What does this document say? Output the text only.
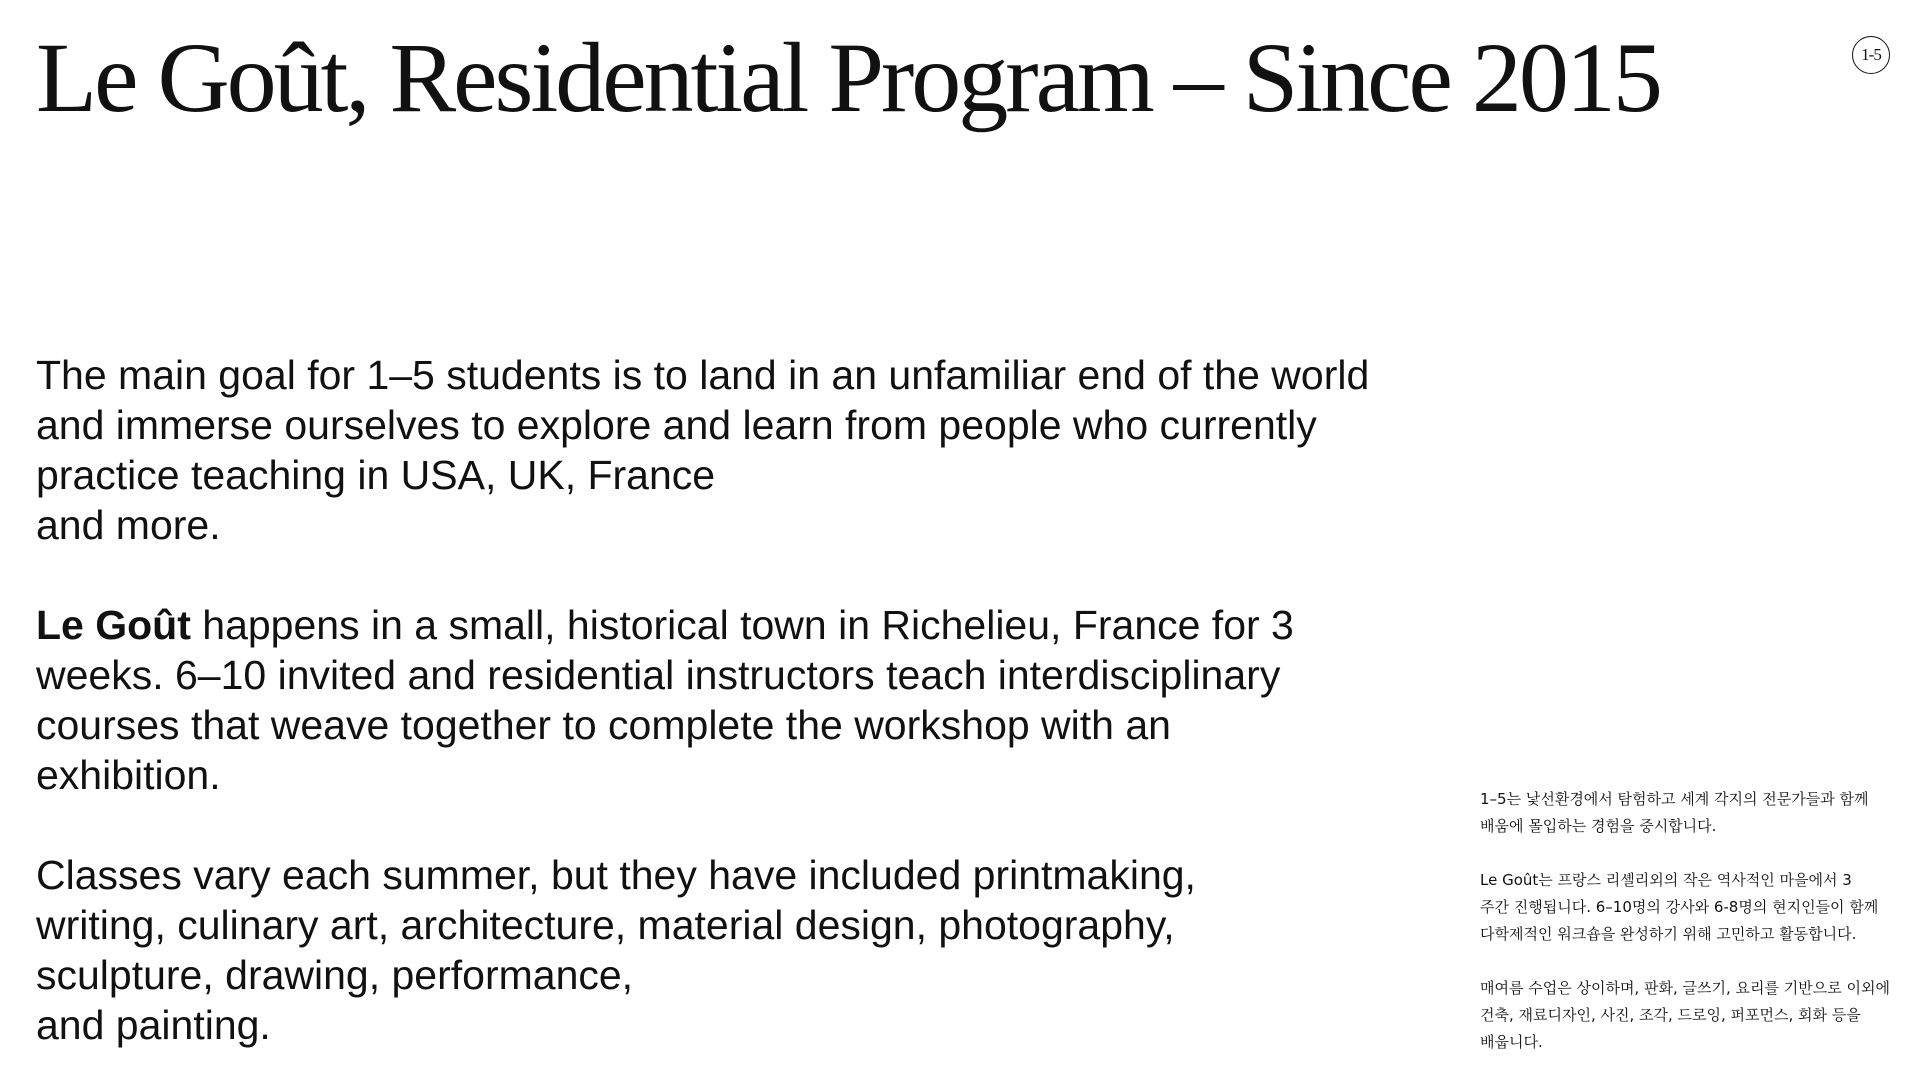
Le Goût, Residential Program – Since 2015	1-5

The main goal for 1–5 students is to land in an unfamiliar end of the world
and immerse ourselves to explore and learn from people who currently
practice teaching in USA, UK, France
and more.

Le Goût happens in a small, historical town in Richelieu, France for 3
weeks. 6–10 invited and residential instructors teach interdisciplinary
courses that weave together to complete the workshop with an
exhibition.

Classes vary each summer, but they have included printmaking,
writing, culinary art, architecture, material design, photography,
sculpture, drawing, performance,
and painting.

1–5는 낯선환경에서 탐험하고 세계 각지의 전문가들과 함께
배움에 몰입하는 경험을 중시합니다.

Le Goût는 프랑스 리셸리외의 작은 역사적인 마을에서 3
주간 진행됩니다. 6–10명의 강사와 6-8명의 현지인들이 함께
다학제적인 워크숍을 완성하기 위해 고민하고 활동합니다.

매여름 수업은 상이하며, 판화, 글쓰기, 요리를 기반으로 이외에
건축, 재료디자인, 사진, 조각, 드로잉, 퍼포먼스, 회화 등을
배웁니다.
